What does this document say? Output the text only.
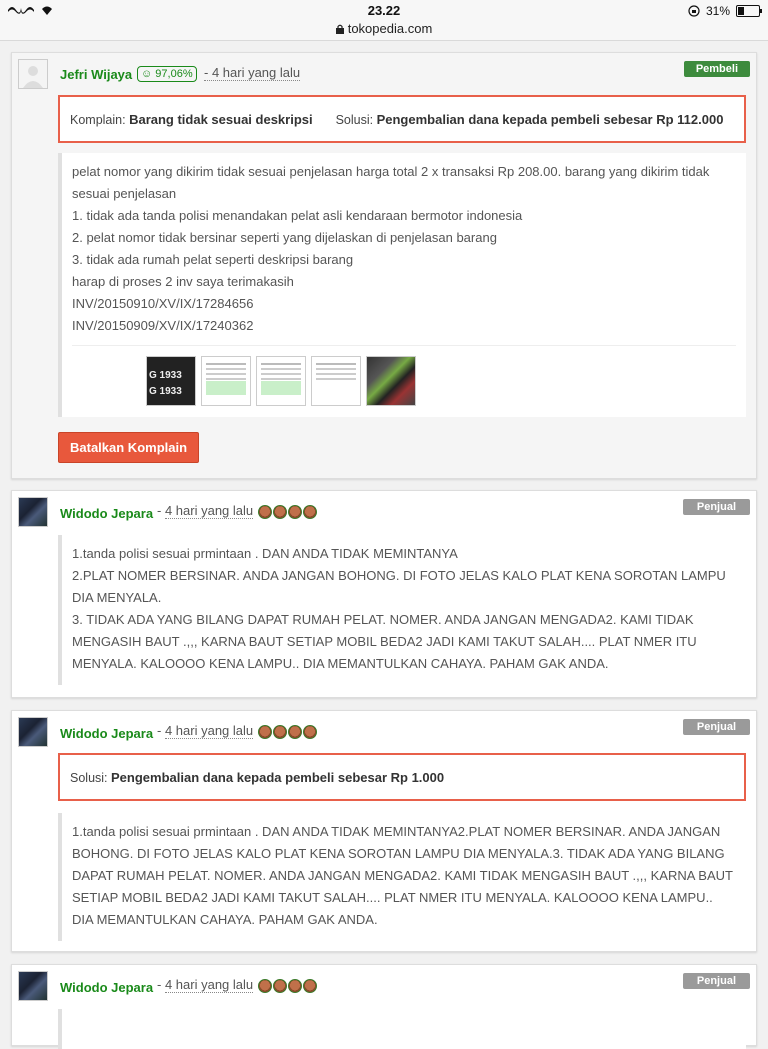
23.22
tokopedia.com
31%
Jefri Wijaya ☺ 97,06% - 4 hari yang lalu	Pembeli
Komplain: Barang tidak sesuai deskripsi Solusi: Pengembalian dana kepada pembeli sebesar Rp 112.000
pelat nomor yang dikirim tidak sesuai penjelasan harga total 2 x transaksi Rp 208.00. barang yang dikirim tidak sesuai penjelasan
1. tidak ada tanda polisi menandakan pelat asli kendaraan bermotor indonesia
2. pelat nomor tidak bersinar seperti yang dijelaskan di penjelasan barang
3. tidak ada rumah pelat seperti deskripsi barang
harap di proses 2 inv saya terimakasih
INV/20150910/XV/IX/17284656
INV/20150909/XV/IX/17240362
G 1933
G 1933
Batalkan Komplain
Widodo Jepara - 4 hari yang lalu	Penjual
1.tanda polisi sesuai prmintaan . DAN ANDA TIDAK MEMINTANYA
2.PLAT NOMER BERSINAR. ANDA JANGAN BOHONG. DI FOTO JELAS KALO PLAT KENA SOROTAN LAMPU DIA MENYALA.
3. TIDAK ADA YANG BILANG DAPAT RUMAH PELAT. NOMER. ANDA JANGAN MENGADA2. KAMI TIDAK MENGASIH BAUT .,,, KARNA BAUT SETIAP MOBIL BEDA2 JADI KAMI TAKUT SALAH.... PLAT NMER ITU MENYALA. KALOOOO KENA LAMPU.. DIA MEMANTULKAN CAHAYA. PAHAM GAK ANDA.
Widodo Jepara - 4 hari yang lalu	Penjual
Solusi: Pengembalian dana kepada pembeli sebesar Rp 1.000
1.tanda polisi sesuai prmintaan . DAN ANDA TIDAK MEMINTANYA2.PLAT NOMER BERSINAR. ANDA JANGAN BOHONG. DI FOTO JELAS KALO PLAT KENA SOROTAN LAMPU DIA MENYALA.3. TIDAK ADA YANG BILANG DAPAT RUMAH PELAT. NOMER. ANDA JANGAN MENGADA2. KAMI TIDAK MENGASIH BAUT .,,, KARNA BAUT SETIAP MOBIL BEDA2 JADI KAMI TAKUT SALAH.... PLAT NMER ITU MENYALA. KALOOOO KENA LAMPU.. DIA MEMANTULKAN CAHAYA. PAHAM GAK ANDA.
Widodo Jepara - 4 hari yang lalu	Penjual
